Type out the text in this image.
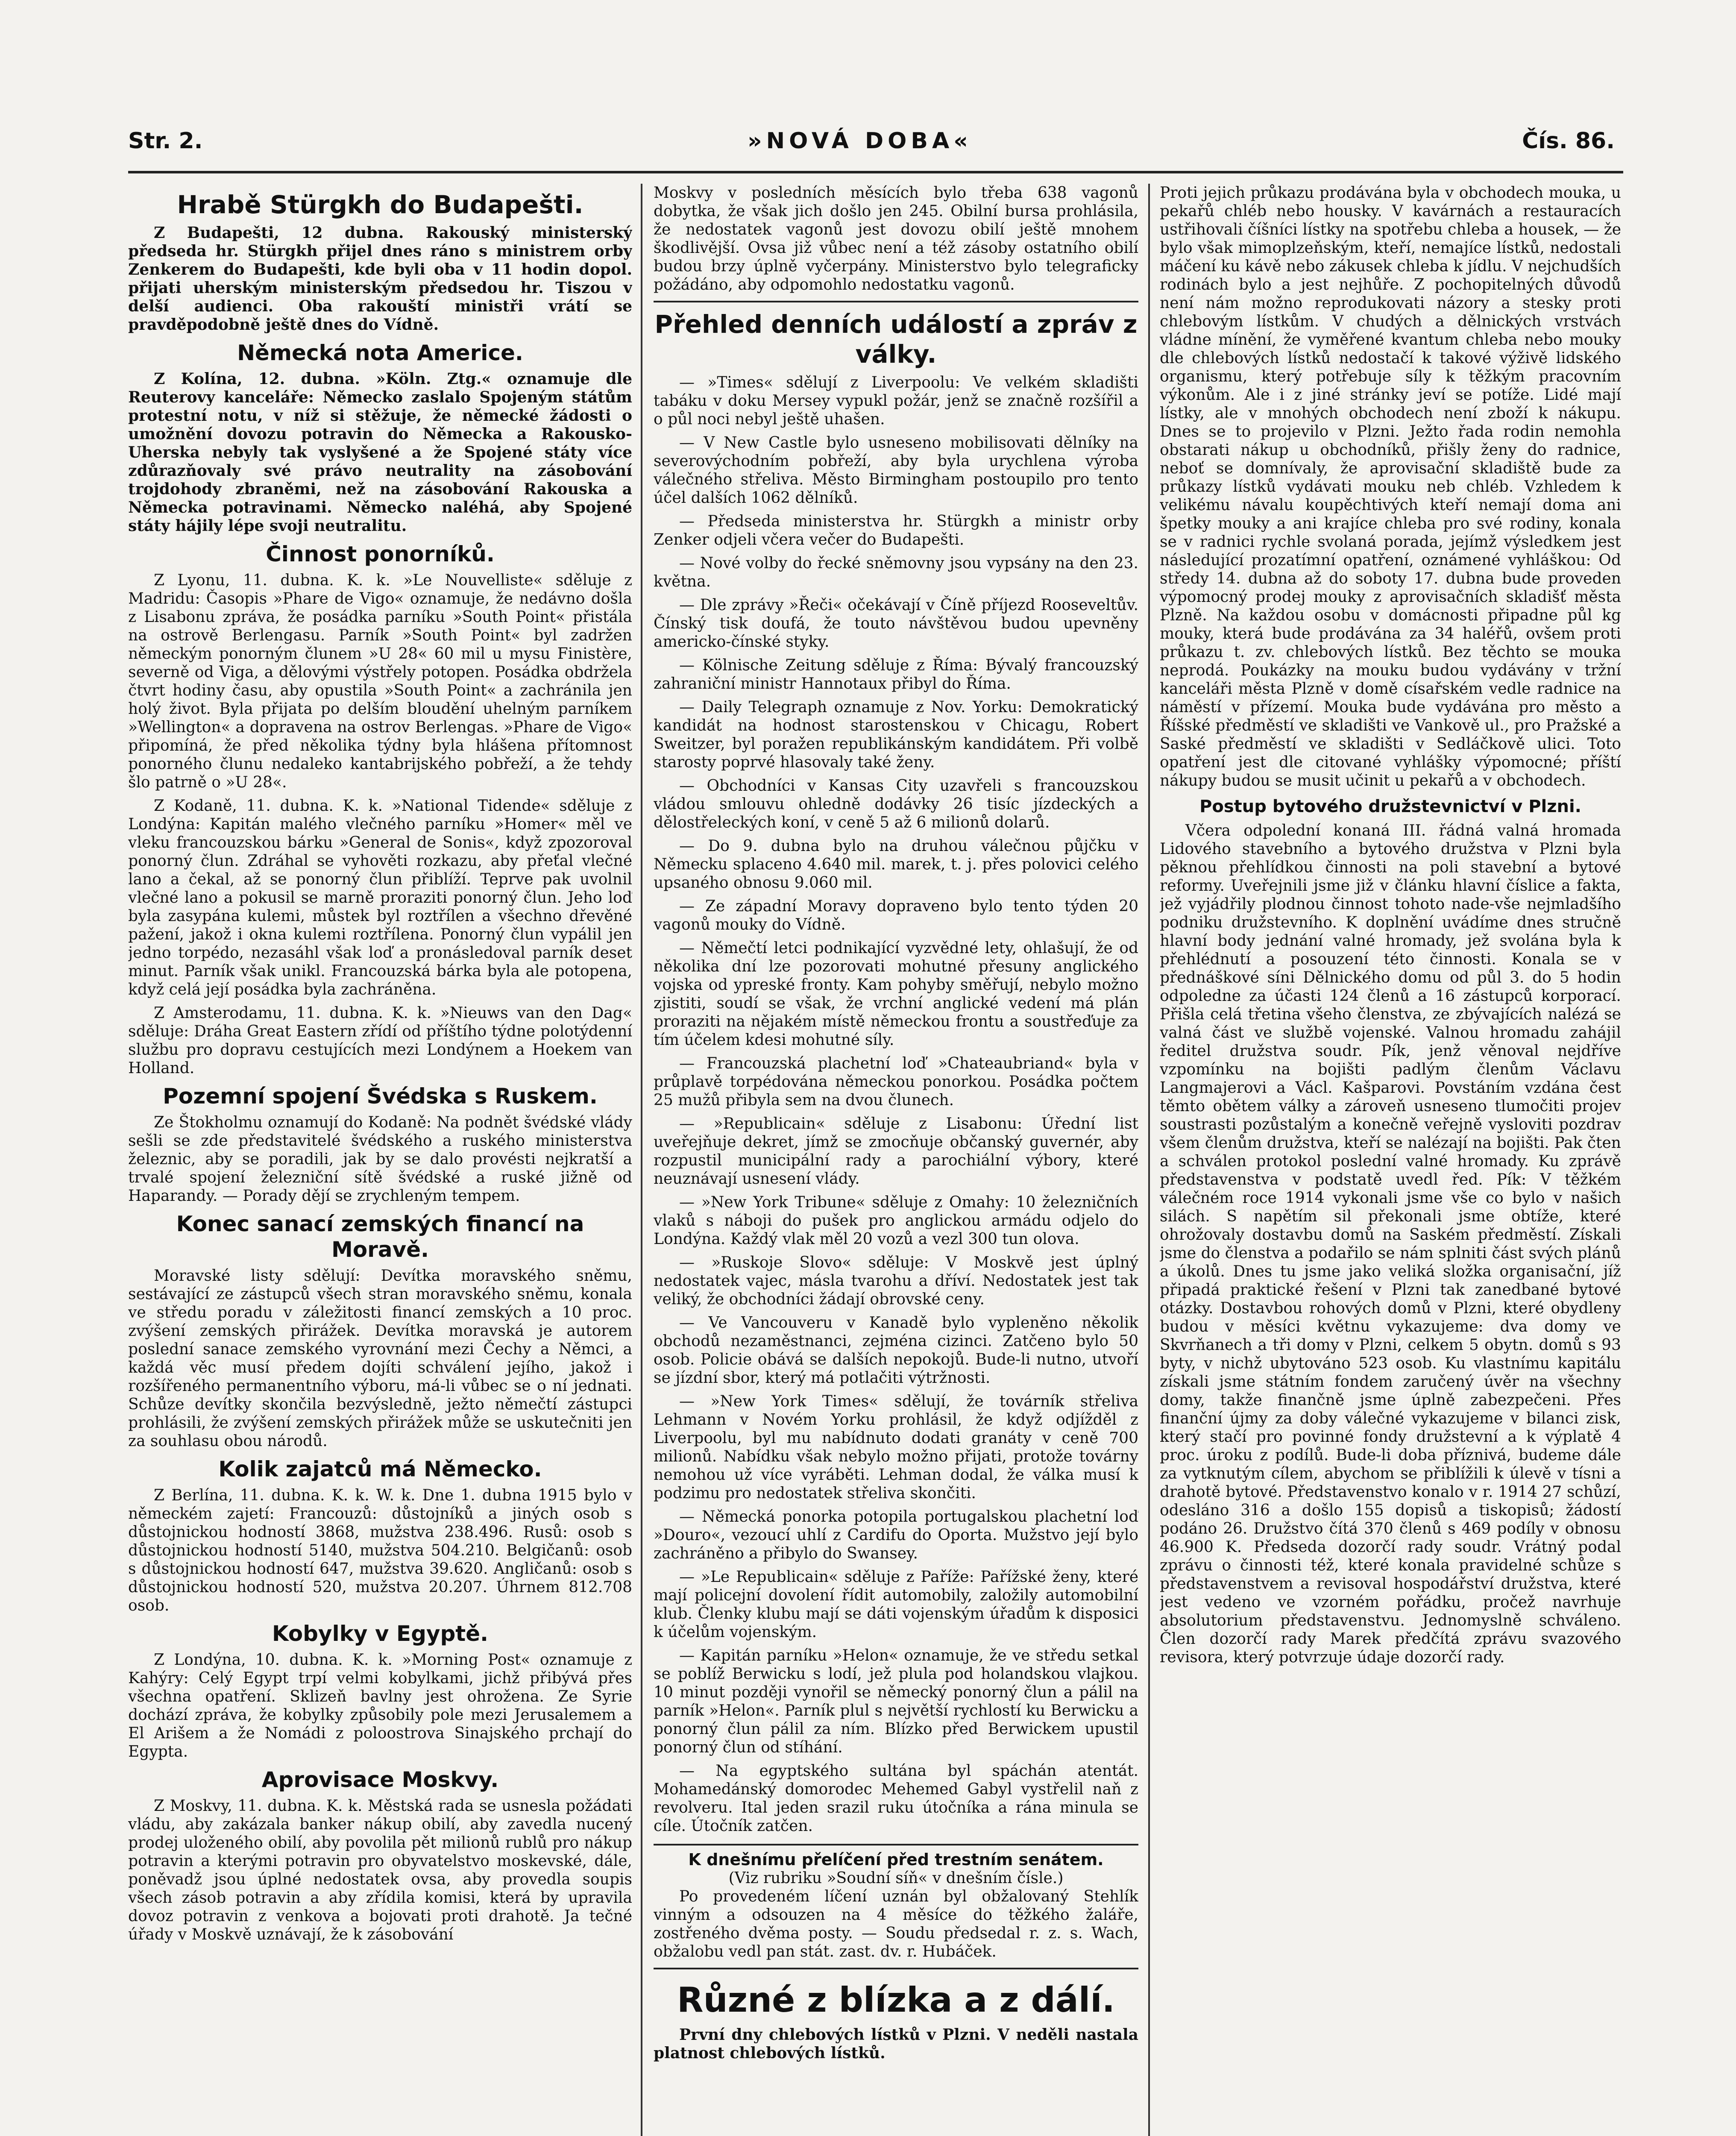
Str. 2.	»NOVÁ DOBA«	Čís. 86.
Hrabě Stürgkh do Budapešti.

Z Budapešti, 12 dubna. Rakouský ministerský předseda hr. Stürgkh přijel dnes ráno s ministrem orby Zenkerem do Budapešti, kde byli oba v 11 hodin dopol. přijati uherským ministerským předsedou hr. Tiszou v delší audienci. Oba rakouští ministři vrátí se pravděpodobně ještě dnes do Vídně.

Německá nota Americe.

Z Kolína, 12. dubna. »Köln. Ztg.« oznamuje dle Reuterovy kanceláře: Německo zaslalo Spojeným státům protestní notu, v níž si stěžuje, že německé žádosti o umožnění dovozu potravin do Německa a Rakousko-Uherska nebyly tak vyslyšené a že Spojené státy více zdůrazňovaly své právo neutrality na zásobování trojdohody zbraněmi, než na zásobování Rakouska a Německa potravinami. Německo naléhá, aby Spojené státy hájily lépe svoji neutralitu.

Činnost ponorníků.

Z Lyonu, 11. dubna. K. k. »Le Nouvelliste« sděluje z Madridu: Časopis »Phare de Vigo« oznamuje, že nedávno došla z Lisabonu zpráva, že posádka parníku »South Point« přistála na ostrově Berlengasu. Parník »South Point« byl zadržen německým ponorným člunem »U 28« 60 mil u mysu Finistère, severně od Viga, a dělovými výstřely potopen. Posádka obdržela čtvrt hodiny času, aby opustila »South Point« a zachránila jen holý život. Byla přijata po delším bloudění uhelným parníkem »Wellington« a dopravena na ostrov Berlengas. »Phare de Vigo« připomíná, že před několika týdny byla hlášena přítomnost ponorného člunu nedaleko kantabrijského pobřeží, a že tehdy šlo patrně o »U 28«.

Z Kodaně, 11. dubna. K. k. »National Tidende« sděluje z Londýna: Kapitán malého vlečného parníku »Homer« měl ve vleku francouzskou bárku »General de Sonis«, když zpozoroval ponorný člun. Zdráhal se vyhověti rozkazu, aby přeťal vlečné lano a čekal, až se ponorný člun přiblíží. Teprve pak uvolnil vlečné lano a pokusil se marně proraziti ponorný člun. Jeho loď byla zasypána kulemi, můstek byl roztřílen a všechno dřevěné pažení, jakož i okna kulemi roztřílena. Ponorný člun vypálil jen jedno torpédo, nezasáhl však loď a pronásledoval parník deset minut. Parník však unikl. Francouzská bárka byla ale potopena, když celá její posádka byla zachráněna.

Z Amsterodamu, 11. dubna. K. k. »Nieuws van den Dag« sděluje: Dráha Great Eastern zřídí od příštího týdne polotýdenní službu pro dopravu cestujících mezi Londýnem a Hoekem van Holland.

Pozemní spojení Švédska s Ruskem.

Ze Štokholmu oznamují do Kodaně: Na podnět švédské vlády sešli se zde představitelé švédského a ruského ministerstva železnic, aby se poradili, jak by se dalo provésti nejkratší a trvalé spojení železniční sítě švédské a ruské jižně od Haparandy. — Porady dějí se zrychleným tempem.

Konec sanací zemských financí na Moravě.

Moravské listy sdělují: Devítka moravského sněmu, sestávající ze zástupců všech stran moravského sněmu, konala ve středu poradu v záležitosti financí zemských a 10 proc. zvýšení zemských přirážek. Devítka moravská je autorem poslední sanace zemského vyrovnání mezi Čechy a Němci, a každá věc musí předem dojíti schválení jejího, jakož i rozšířeného permanentního výboru, má-li vůbec se o ní jednati. Schůze devítky skončila bezvýsledně, ježto němečtí zástupci prohlásili, že zvýšení zemských přirážek může se uskutečniti jen za souhlasu obou národů.

Kolik zajatců má Německo.

Z Berlína, 11. dubna. K. k. W. k. Dne 1. dubna 1915 bylo v německém zajetí: Francouzů: důstojníků a jiných osob s důstojnickou hodností 3868, mužstva 238.496. Rusů: osob s důstojnickou hodností 5140, mužstva 504.210. Belgičanů: osob s důstojnickou hodností 647, mužstva 39.620. Angličanů: osob s důstojnickou hodností 520, mužstva 20.207. Úhrnem 812.708 osob.

Kobylky v Egyptě.

Z Londýna, 10. dubna. K. k. »Morning Post« oznamuje z Kahýry: Celý Egypt trpí velmi kobylkami, jichž přibývá přes všechna opatření. Sklizeň bavlny jest ohrožena. Ze Syrie dochází zpráva, že kobylky způsobily pole mezi Jerusalemem a El Arišem a že Nomádi z poloostrova Sinajského prchají do Egypta.

Aprovisace Moskvy.

Z Moskvy, 11. dubna. K. k. Městská rada se usnesla požádati vládu, aby zakázala banker nákup obilí, aby zavedla nucený prodej uloženého obilí, aby povolila pět milionů rublů pro nákup potravin a kterými potravin pro obyvatelstvo moskevské, dále, poněvadž jsou úplné nedostatek ovsa, aby provedla soupis všech zásob potravin a aby zřídila komisi, která by upravila dovoz potravin z venkova a bojovati proti drahotě. Ja tečné úřady v Moskvě uznávají, že k zásobování

Moskvy v posledních měsících bylo třeba 638 vagonů dobytka, že však jich došlo jen 245. Obilní bursa prohlásila, že nedostatek vagonů jest dovozu obilí ještě mnohem škodlivější. Ovsa již vůbec není a též zásoby ostatního obilí budou brzy úplně vyčerpány. Ministerstvo bylo telegraficky požádáno, aby odpomohlo nedostatku vagonů.

Přehled denních událostí a zpráv z války.

— »Times« sdělují z Liverpoolu: Ve velkém skladišti tabáku v doku Mersey vypukl požár, jenž se značně rozšířil a o půl noci nebyl ještě uhašen.

— V New Castle bylo usneseno mobilisovati dělníky na severovýchodním pobřeží, aby byla urychlena výroba válečného střeliva. Město Birmingham postoupilo pro tento účel dalších 1062 dělníků.

— Předseda ministerstva hr. Stürgkh a ministr orby Zenker odjeli včera večer do Budapešti.

— Nové volby do řecké sněmovny jsou vypsány na den 23. května.

— Dle zprávy »Řeči« očekávají v Číně příjezd Rooseveltův. Čínský tisk doufá, že touto návštěvou budou upevněny americko-čínské styky.

— Kölnische Zeitung sděluje z Říma: Bývalý francouzský zahraniční ministr Hannotaux přibyl do Říma.

— Daily Telegraph oznamuje z Nov. Yorku: Demokratický kandidát na hodnost starostenskou v Chicagu, Robert Sweitzer, byl poražen republikánským kandidátem. Při volbě starosty poprvé hlasovaly také ženy.

— Obchodníci v Kansas City uzavřeli s francouzskou vládou smlouvu ohledně dodávky 26 tisíc jízdeckých a dělostřeleckých koní, v ceně 5 až 6 milionů dolarů.

— Do 9. dubna bylo na druhou válečnou půjčku v Německu splaceno 4.640 mil. marek, t. j. přes polovici celého upsaného obnosu 9.060 mil.

— Ze západní Moravy dopraveno bylo tento týden 20 vagonů mouky do Vídně.

— Němečtí letci podnikající vyzvědné lety, ohlašují, že od několika dní lze pozorovati mohutné přesuny anglického vojska od ypreské fronty. Kam pohyby směřují, nebylo možno zjistiti, soudí se však, že vrchní anglické vedení má plán proraziti na nějakém místě německou frontu a soustřeďuje za tím účelem kdesi mohutné síly.

— Francouzská plachetní loď »Chateaubriand« byla v průplavě torpédována německou ponorkou. Posádka počtem 25 mužů přibyla sem na dvou člunech.

— »Republicain« sděluje z Lisabonu: Úřední list uveřejňuje dekret, jímž se zmocňuje občanský guvernér, aby rozpustil municipální rady a parochiální výbory, které neuznávají usnesení vlády.

— »New York Tribune« sděluje z Omahy: 10 železničních vlaků s náboji do pušek pro anglickou armádu odjelo do Londýna. Každý vlak měl 20 vozů a vezl 300 tun olova.

— »Ruskoje Slovo« sděluje: V Moskvě jest úplný nedostatek vajec, másla tvarohu a dříví. Nedostatek jest tak veliký, že obchodníci žádají obrovské ceny.

— Ve Vancouveru v Kanadě bylo vypleněno několik obchodů nezaměstnanci, zejména cizinci. Zatčeno bylo 50 osob. Policie obává se dalších nepokojů. Bude-li nutno, utvoří se jízdní sbor, který má potlačiti výtržnosti.

— »New York Times« sdělují, že továrník střeliva Lehmann v Novém Yorku prohlásil, že když odjížděl z Liverpoolu, byl mu nabídnuto dodati granáty v ceně 700 milionů. Nabídku však nebylo možno přijati, protože továrny nemohou už více vyráběti. Lehman dodal, že válka musí k podzimu pro nedostatek střeliva skončiti.

— Německá ponorka potopila portugalskou plachetní loď »Douro«, vezoucí uhlí z Cardifu do Oporta. Mužstvo její bylo zachráněno a přibylo do Swansey.

— »Le Republicain« sděluje z Paříže: Pařížské ženy, které mají policejní dovolení řídit automobily, založily automobilní klub. Členky klubu mají se dáti vojenským úřadům k disposici k účelům vojenským.

— Kapitán parníku »Helon« oznamuje, že ve středu setkal se poblíž Berwicku s lodí, jež plula pod holandskou vlajkou. 10 minut později vynořil se německý ponorný člun a pálil na parník »Helon«. Parník plul s největší rychlostí ku Berwicku a ponorný člun pálil za ním. Blízko před Berwickem upustil ponorný člun od stíhání.

— Na egyptského sultána byl spáchán atentát. Mohamedánský domorodec Mehemed Gabyl vystřelil naň z revolveru. Ital jeden srazil ruku útočníka a rána minula se cíle. Útočník zatčen.

K dnešnímu přelíčení před trestním senátem.
(Viz rubriku »Soudní síň« v dnešním čísle.)

Po provedeném líčení uznán byl obžalovaný Stehlík vinným a odsouzen na 4 měsíce do těžkého žaláře, zostřeného dvěma posty. — Soudu předsedal r. z. s. Wach, obžalobu vedl pan stát. zast. dv. r. Hubáček.

Různé z blízka a z dálí.

První dny chlebových lístků v Plzni. V neděli nastala platnost chlebových lístků.

Proti jejich průkazu prodávána byla v obchodech mouka, u pekařů chléb nebo housky. V kavárnách a restauracích ustřihovali číšníci lístky na spotřebu chleba a housek, — že bylo však mimoplzeňským, kteří, nemajíce lístků, nedostali máčení ku kávě nebo zákusek chleba k jídlu. V nejchudších rodinách bylo a jest nejhůře. Z pochopitelných důvodů není nám možno reprodukovati názory a stesky proti chlebovým lístkům. V chudých a dělnických vrstvách vládne mínění, že vyměřené kvantum chleba nebo mouky dle chlebových lístků nedostačí k takové výživě lidského organismu, který potřebuje síly k těžkým pracovním výkonům. Ale i z jiné stránky jeví se potíže. Lidé mají lístky, ale v mnohých obchodech není zboží k nákupu. Dnes se to projevilo v Plzni. Ježto řada rodin nemohla obstarati nákup u obchodníků, přišly ženy do radnice, neboť se domnívaly, že aprovisační skladiště bude za průkazy lístků vydávati mouku neb chléb. Vzhledem k velikému návalu koupěchtivých kteří nemají doma ani špetky mouky a ani krajíce chleba pro své rodiny, konala se v radnici rychle svolaná porada, jejímž výsledkem jest následující prozatímní opatření, oznámené vyhláškou: Od středy 14. dubna až do soboty 17. dubna bude proveden výpomocný prodej mouky z aprovisačních skladišť města Plzně. Na každou osobu v domácnosti připadne půl kg mouky, která bude prodávána za 34 haléřů, ovšem proti průkazu t. zv. chlebových lístků. Bez těchto se mouka neprodá. Poukázky na mouku budou vydávány v tržní kanceláři města Plzně v domě císařském vedle radnice na náměstí v přízemí. Mouka bude vydávána pro město a Říšské předměstí ve skladišti ve Vankově ul., pro Pražské a Saské předměstí ve skladišti v Sedláčkově ulici. Toto opatření jest dle citované vyhlášky výpomocné; příští nákupy budou se musit učinit u pekařů a v obchodech.

Postup bytového družstevnictví v Plzni.

Včera odpolední konaná III. řádná valná hromada Lidového stavebního a bytového družstva v Plzni byla pěknou přehlídkou činnosti na poli stavební a bytové reformy. Uveřejnili jsme již v článku hlavní číslice a fakta, jež vyjádřily plodnou činnost tohoto nade-vše nejmladšího podniku družstevního. K doplnění uvádíme dnes stručně hlavní body jednání valné hromady, jež svolána byla k přehlédnutí a posouzení této činnosti. Konala se v přednáškové síni Dělnického domu od půl 3. do 5 hodin odpoledne za účasti 124 členů a 16 zástupců korporací. Přišla celá třetina všeho členstva, ze zbývajících nalézá se valná část ve službě vojenské. Valnou hromadu zahájil ředitel družstva soudr. Pík, jenž věnoval nejdříve vzpomínku na bojišti padlým členům Václavu Langmajerovi a Václ. Kašparovi. Povstáním vzdána čest těmto obětem války a zároveň usneseno tlumočiti projev soustrasti pozůstalým a konečně veřejně vysloviti pozdrav všem členům družstva, kteří se nalézají na bojišti. Pak čten a schválen protokol poslední valné hromady. Ku zprávě představenstva v podstatě uvedl řed. Pík: V těžkém válečném roce 1914 vykonali jsme vše co bylo v našich silách. S napětím sil překonali jsme obtíže, které ohrožovaly dostavbu domů na Saském předměstí. Získali jsme do členstva a podařilo se nám splniti část svých plánů a úkolů. Dnes tu jsme jako veliká složka organisační, jíž připadá praktické řešení v Plzni tak zanedbané bytové otázky. Dostavbou rohových domů v Plzni, které obydleny budou v měsíci květnu vykazujeme: dva domy ve Skvrňanech a tři domy v Plzni, celkem 5 obytn. domů s 93 byty, v nichž ubytováno 523 osob. Ku vlastnímu kapitálu získali jsme státním fondem zaručený úvěr na všechny domy, takže finančně jsme úplně zabezpečeni. Přes finanční újmy za doby válečné vykazujeme v bilanci zisk, který stačí pro povinné fondy družstevní a k výplatě 4 proc. úroku z podílů. Bude-li doba příznivá, budeme dále za vytknutým cílem, abychom se přiblížili k úlevě v tísni a drahotě bytové. Představenstvo konalo v r. 1914 27 schůzí, odesláno 316 a došlo 155 dopisů a tiskopisů; žádostí podáno 26. Družstvo čítá 370 členů s 469 podíly v obnosu 46.900 K. Předseda dozorčí rady soudr. Vrátný podal zprávu o činnosti též, které konala pravidelné schůze s představenstvem a revisoval hospodářství družstva, které jest vedeno ve vzorném pořádku, pročež navrhuje absolutorium představenstvu. Jednomyslně schváleno. Člen dozorčí rady Marek předčítá zprávu svazového revisora, který potvrzuje údaje dozorčí rady.
